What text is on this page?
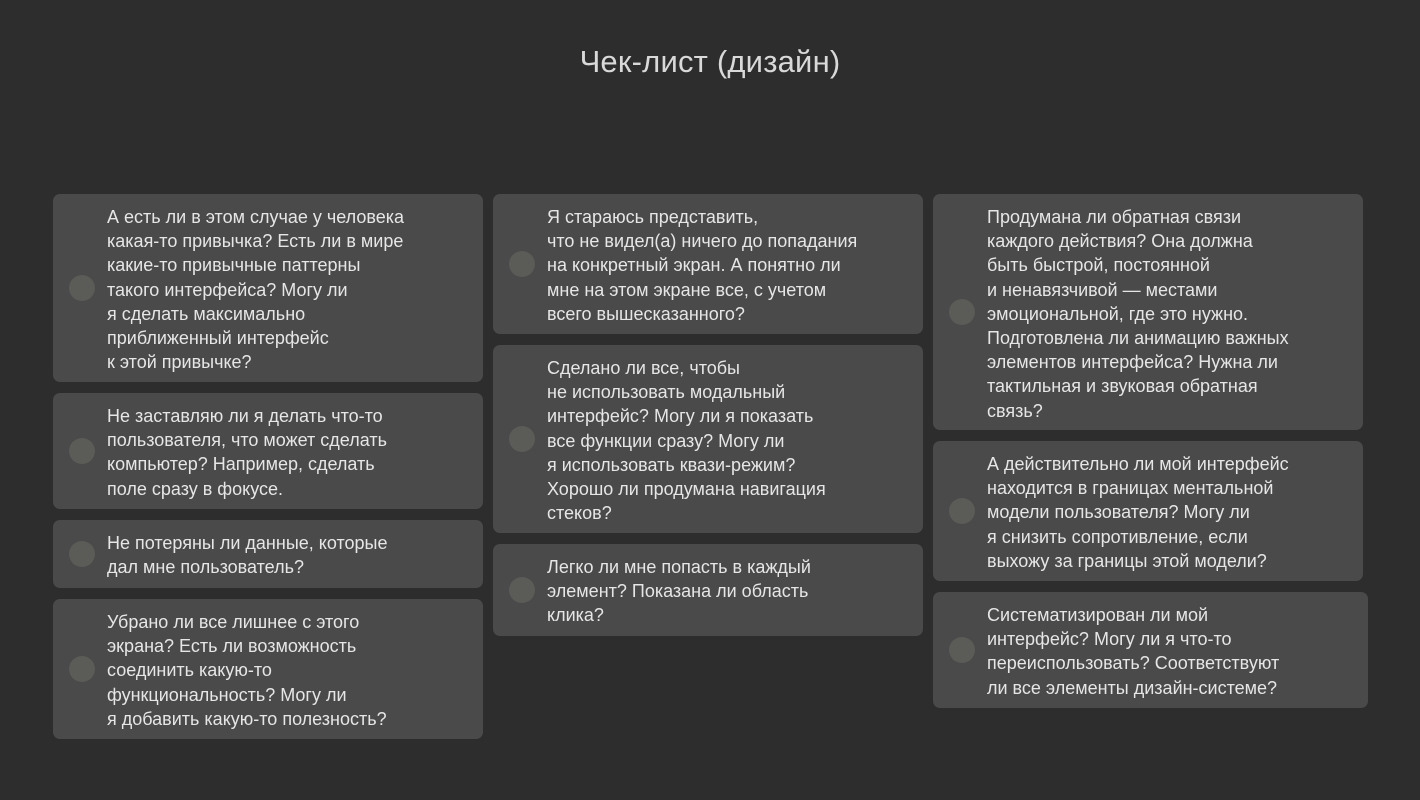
Чек-лист (дизайн)
А есть ли в этом случае у человека
какая-то привычка? Есть ли в мире
какие-то привычные паттерны
такого интерфейса? Могу ли
я сделать максимально
приближенный интерфейс
к этой привычке?
Не заставляю ли я делать что-то
пользователя, что может сделать
компьютер? Например, сделать
поле сразу в фокусе.
Не потеряны ли данные, которые
дал мне пользователь?
Убрано ли все лишнее с этого
экрана? Есть ли возможность
соединить какую-то
функциональность? Могу ли
я добавить какую-то полезность?
Я стараюсь представить,
что не видел(а) ничего до попадания
на конкретный экран. А понятно ли
мне на этом экране все, с учетом
всего вышесказанного?
Сделано ли все, чтобы
не использовать модальный
интерфейс? Могу ли я показать
все функции сразу? Могу ли
я использовать квази-режим?
Хорошо ли продумана навигация
стеков?
Легко ли мне попасть в каждый
элемент? Показана ли область
клика?
Продумана ли обратная связи
каждого действия? Она должна
быть быстрой, постоянной
и ненавязчивой — местами
эмоциональной, где это нужно.
Подготовлена ли анимацию важных
элементов интерфейса? Нужна ли
тактильная и звуковая обратная
связь?
А действительно ли мой интерфейс
находится в границах ментальной
модели пользователя? Могу ли
я снизить сопротивление, если
выхожу за границы этой модели?
Систематизирован ли мой
интерфейс? Могу ли я что-то
переиспользовать? Соответствуют
ли все элементы дизайн-системе?
